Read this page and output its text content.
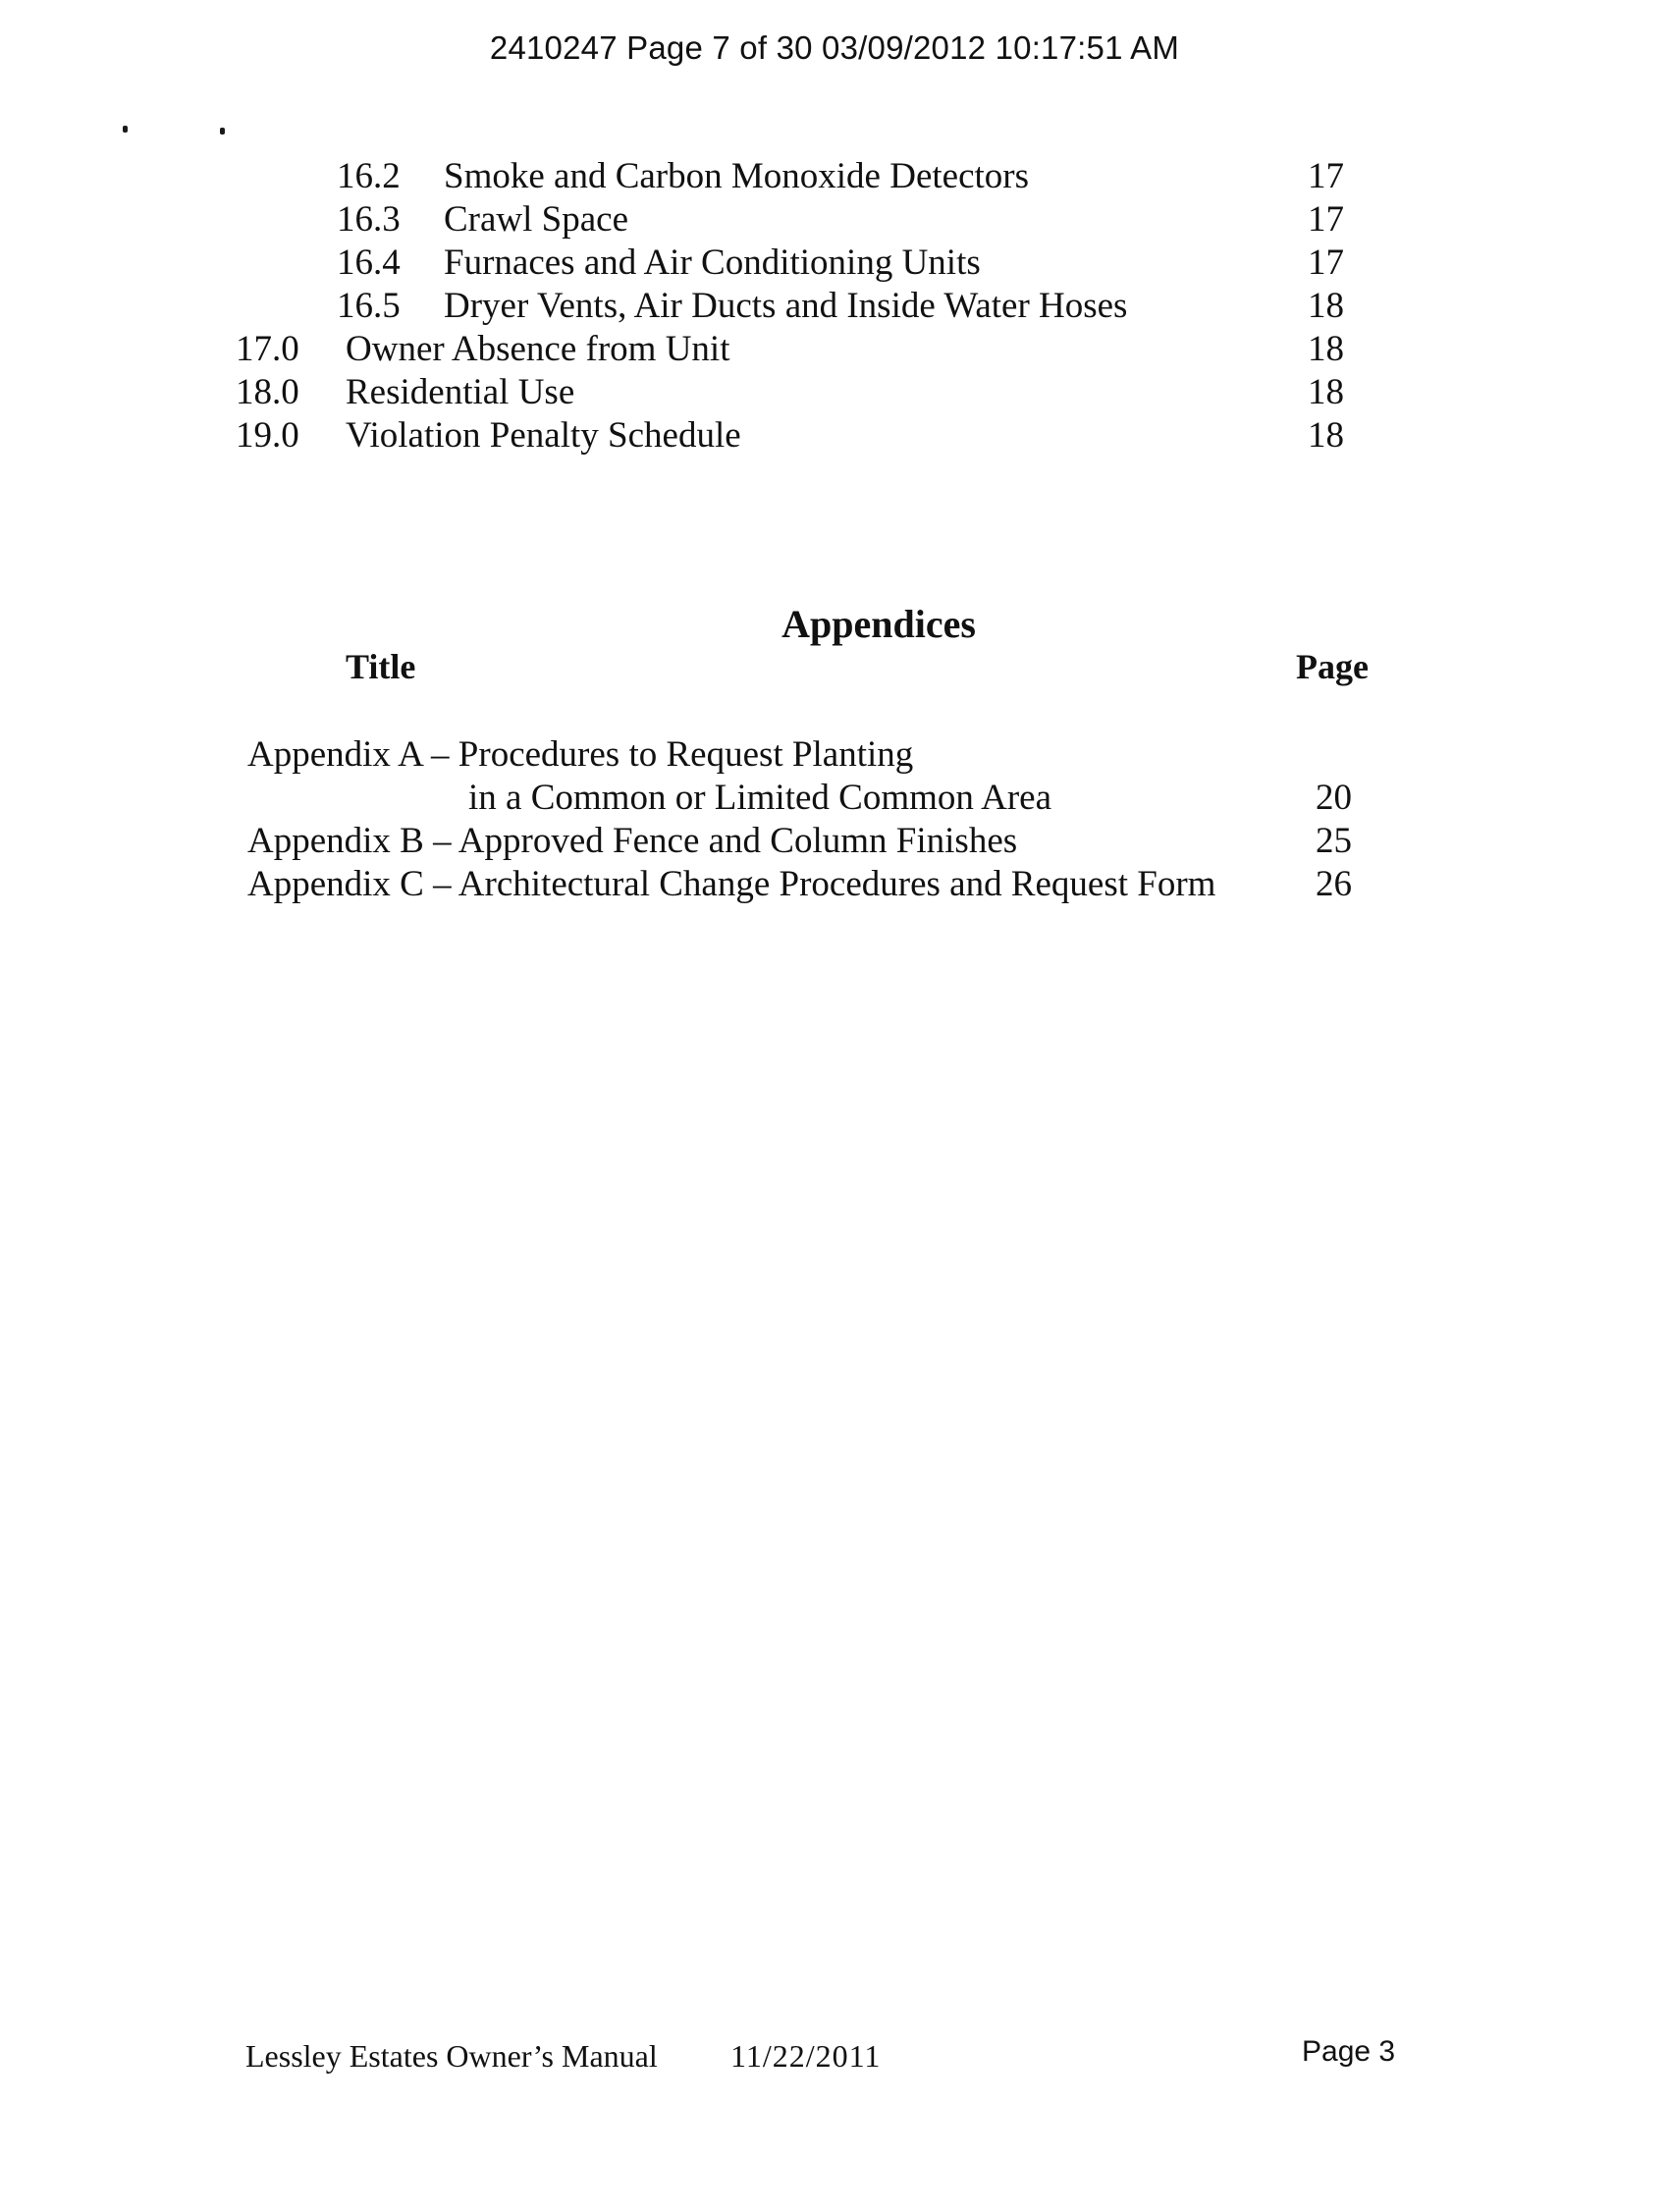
2410247 Page 7 of 30 03/09/2012 10:17:51 AM
16.2 Smoke and Carbon Monoxide Detectors	17
16.3 Crawl Space	17
16.4 Furnaces and Air Conditioning Units	17
16.5 Dryer Vents, Air Ducts and Inside Water Hoses	18
17.0 Owner Absence from Unit	18
18.0 Residential Use	18
19.0 Violation Penalty Schedule	18
Appendices
Title	Page
Appendix A – Procedures to Request Planting
in a Common or Limited Common Area	20
Appendix B – Approved Fence and Column Finishes	25
Appendix C – Architectural Change Procedures and Request Form	26
Lessley Estates Owner’s Manual 11/22/2011	Page 3
